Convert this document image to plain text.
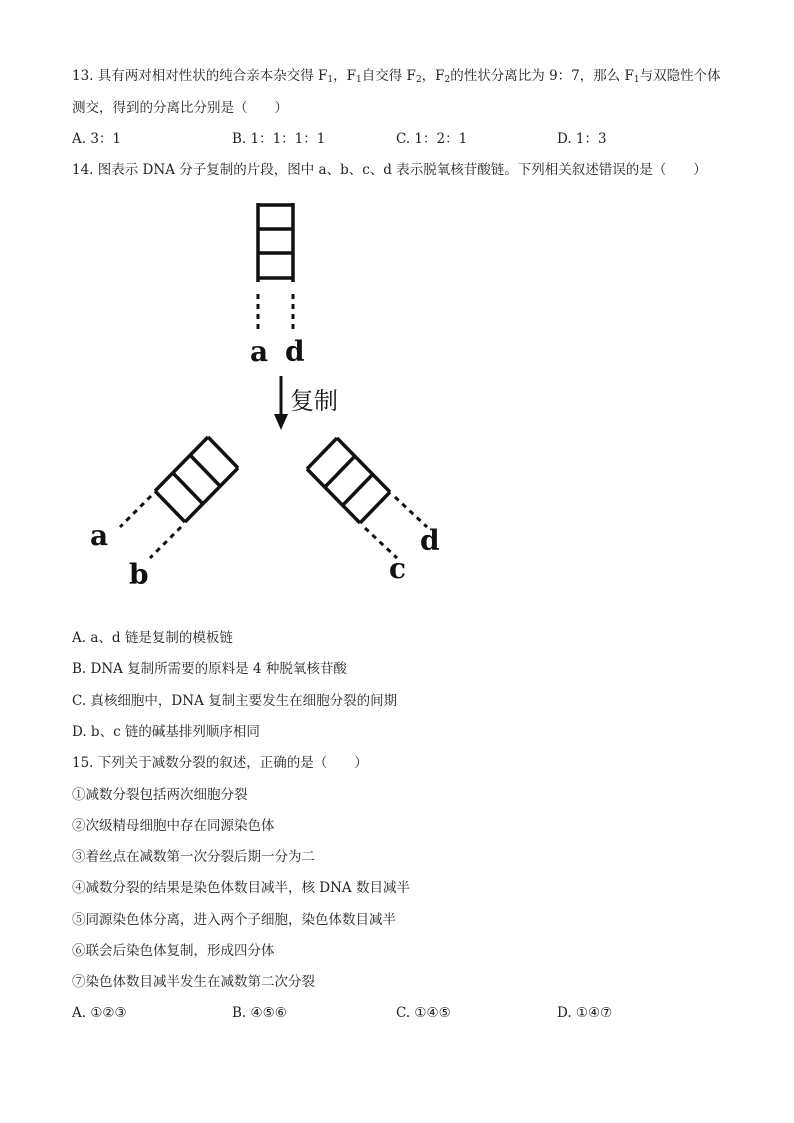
13. 具有两对相对性状的纯合亲本杂交得 $F_1$，$F_1$自交得 $F_2$，$F_2$的性状分离比为 9：7，那么 $F_1$与双隐性个体
测交，得到的分离比分别是（　　）
A. 3：1	B. 1：1：1：1	C. 1：2：1	D. 1：3
14. 图表示 DNA 分子复制的片段，图中 a、b、c、d 表示脱氧核苷酸链。下列相关叙述错误的是（　　）
a d
复制
a
b	c
d
A. a、d 链是复制的模板链
B. DNA 复制所需要的原料是 4 种脱氧核苷酸
C. 真核细胞中，DNA 复制主要发生在细胞分裂的间期
D. b、c 链的碱基排列顺序相同
15. 下列关于减数分裂的叙述，正确的是（　　）
①减数分裂包括两次细胞分裂
②次级精母细胞中存在同源染色体
③着丝点在减数第一次分裂后期一分为二
④减数分裂的结果是染色体数目减半，核 DNA 数目减半
⑤同源染色体分离，进入两个子细胞，染色体数目减半
⑥联会后染色体复制，形成四分体
⑦染色体数目减半发生在减数第二次分裂
A. ①②③	B. ④⑤⑥	C. ①④⑤	D. ①④⑦
